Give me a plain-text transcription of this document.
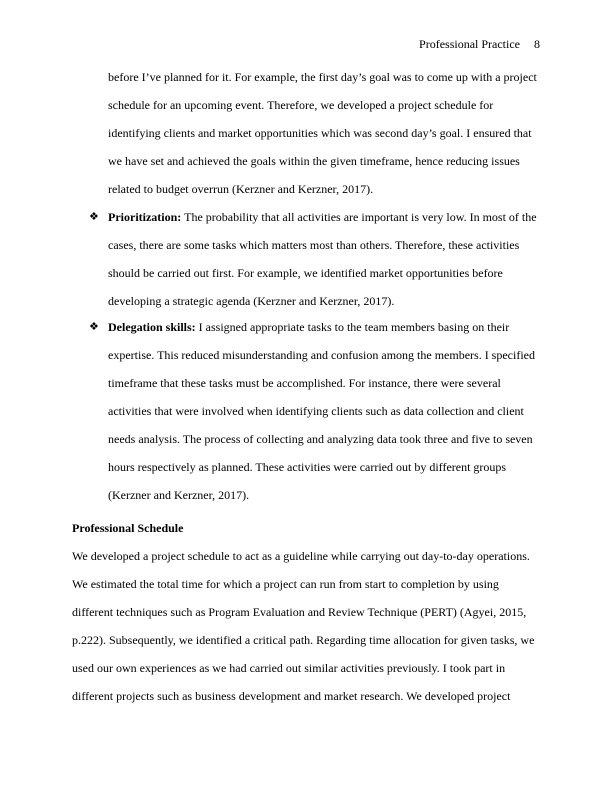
Professional Practice 8
before I’ve planned for it. For example, the first day’s goal was to come up with a project
schedule for an upcoming event. Therefore, we developed a project schedule for
identifying clients and market opportunities which was second day’s goal. I ensured that
we have set and achieved the goals within the given timeframe, hence reducing issues
related to budget overrun (Kerzner and Kerzner, 2017).
❖ Prioritization: The probability that all activities are important is very low. In most of the
cases, there are some tasks which matters most than others. Therefore, these activities
should be carried out first. For example, we identified market opportunities before
developing a strategic agenda (Kerzner and Kerzner, 2017).
❖ Delegation skills: I assigned appropriate tasks to the team members basing on their
expertise. This reduced misunderstanding and confusion among the members. I specified
timeframe that these tasks must be accomplished. For instance, there were several
activities that were involved when identifying clients such as data collection and client
needs analysis. The process of collecting and analyzing data took three and five to seven
hours respectively as planned. These activities were carried out by different groups
(Kerzner and Kerzner, 2017).
Professional Schedule
We developed a project schedule to act as a guideline while carrying out day-to-day operations.
We estimated the total time for which a project can run from start to completion by using
different techniques such as Program Evaluation and Review Technique (PERT) (Agyei, 2015,
p.222). Subsequently, we identified a critical path. Regarding time allocation for given tasks, we
used our own experiences as we had carried out similar activities previously. I took part in
different projects such as business development and market research. We developed project
